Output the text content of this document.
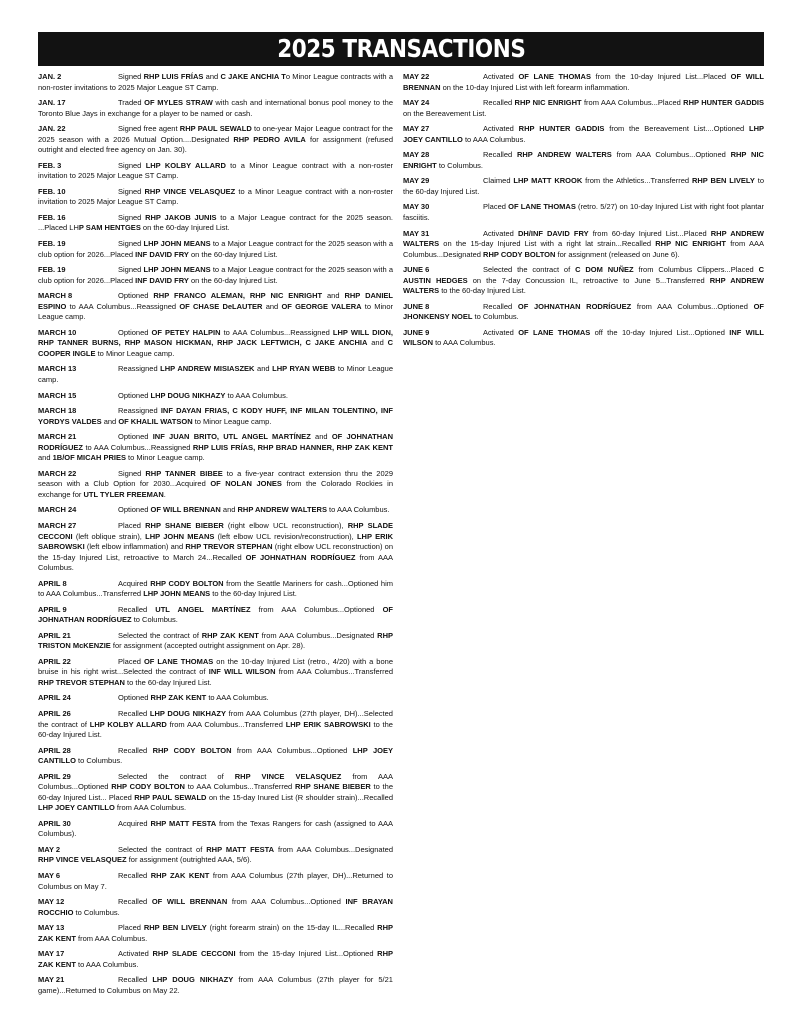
2025 TRANSACTIONS

JAN. 2	Signed RHP LUIS FRÍAS and C JAKE ANCHIA To Minor League contracts with a non-roster invitations to 2025 Major League ST Camp.

JAN. 17	Traded OF MYLES STRAW with cash and international bonus pool money to the Toronto Blue Jays in exchange for a player to be named or cash.

JAN. 22	Signed free agent RHP PAUL SEWALD to one-year Major League contract for the 2025 season with a 2026 Mutual Option....Designated RHP PEDRO AVILA for assignment (refused outright and elected free agency on Jan. 30).

FEB. 3	Signed LHP KOLBY ALLARD to a Minor League contract with a non-roster invitation to 2025 Major League ST Camp.

FEB. 10	Signed RHP VINCE VELASQUEZ to a Minor League contract with a non-roster invitation to 2025 Major League ST Camp.

FEB. 16	Signed RHP JAKOB JUNIS to a Major League contract for the 2025 season. ...Placed LHP SAM HENTGES on the 60-day Injured List.

FEB. 19	Signed LHP JOHN MEANS to a Major League contract for the 2025 season with a club option for 2026...Placed INF DAVID FRY on the 60-day Injured List.

FEB. 19	Signed LHP JOHN MEANS to a Major League contract for the 2025 season with a club option for 2026...Placed INF DAVID FRY on the 60-day Injured List.

MARCH 8	Optioned RHP FRANCO ALEMAN, RHP NIC ENRIGHT and RHP DANIEL ESPINO to AAA Columbus...Reassigned OF CHASE DeLAUTER and OF GEORGE VALERA to Minor League camp.

MARCH 10	Optioned OF PETEY HALPIN to AAA Columbus...Reassigned LHP WILL DION, RHP TANNER BURNS, RHP MASON HICKMAN, RHP JACK LEFTWICH, C JAKE ANCHIA and C COOPER INGLE to Minor League camp.

MARCH 13	Reassigned LHP ANDREW MISIASZEK and LHP RYAN WEBB to Minor League camp.

MARCH 15	Optioned LHP DOUG NIKHAZY to AAA Columbus.

MARCH 18	Reassigned INF DAYAN FRIAS, C KODY HUFF, INF MILAN TOLENTINO, INF YORDYS VALDES and OF KHALIL WATSON to Minor League camp.

MARCH 21	Optioned INF JUAN BRITO, UTL ANGEL MARTÍNEZ and OF JOHNATHAN RODRÍGUEZ to AAA Columbus...Reassigned RHP LUIS FRÍAS, RHP BRAD HANNER, RHP ZAK KENT and 1B/OF MICAH PRIES to Minor League camp.

MARCH 22	Signed RHP TANNER BIBEE to a five-year contract extension thru the 2029 season with a Club Option for 2030...Acquired OF NOLAN JONES from the Colorado Rockies in exchange for UTL TYLER FREEMAN.

MARCH 24	Optioned OF WILL BRENNAN and RHP ANDREW WALTERS to AAA Columbus.

MARCH 27	Placed RHP SHANE BIEBER (right elbow UCL reconstruction), RHP SLADE CECCONI (left oblique strain), LHP JOHN MEANS (left elbow UCL revision/reconstruction), LHP ERIK SABROWSKI (left elbow inflammation) and RHP TREVOR STEPHAN (right elbow UCL reconstruction) on the 15-day Injured List, retroactive to March 24...Recalled OF JOHNATHAN RODRÍGUEZ from AAA Columbus.

APRIL 8	Acquired RHP CODY BOLTON from the Seattle Mariners for cash...Optioned him to AAA Columbus...Transferred LHP JOHN MEANS to the 60-day Injured List.

APRIL 9	Recalled UTL ANGEL MARTÍNEZ from AAA Columbus...Optioned OF JOHNATHAN RODRÍGUEZ to Columbus.

APRIL 21	Selected the contract of RHP ZAK KENT from AAA Columbus...Designated RHP TRISTON McKENZIE for assignment (accepted outright assignment on Apr. 28).

APRIL 22	Placed OF LANE THOMAS on the 10-day Injured List (retro., 4/20) with a bone bruise in his right wrist...Selected the contract of INF WILL WILSON from AAA Columbus...Transferred RHP TREVOR STEPHAN to the 60-day Injured List.

APRIL 24	Optioned RHP ZAK KENT to AAA Columbus.

APRIL 26	Recalled LHP DOUG NIKHAZY from AAA Columbus (27th player, DH)...Selected the contract of LHP KOLBY ALLARD from AAA Columbus...Transferred LHP ERIK SABROWSKI to the 60-day Injured List.

APRIL 28	Recalled RHP CODY BOLTON from AAA Columbus...Optioned LHP JOEY CANTILLO to Columbus.

APRIL 29	Selected the contract of RHP VINCE VELASQUEZ from AAA Columbus...Optioned RHP CODY BOLTON to AAA Columbus...Transferred RHP SHANE BIEBER to the 60-day Injured List... Placed RHP PAUL SEWALD on the 15-day Inured List (R shoulder strain)...Recalled LHP JOEY CANTILLO from AAA Columbus.

APRIL 30	Acquired RHP MATT FESTA from the Texas Rangers for cash (assigned to AAA Columbus).

MAY 2	Selected the contract of RHP MATT FESTA from AAA Columbus...Designated RHP VINCE VELASQUEZ for assignment (outrighted AAA, 5/6).

MAY 6	Recalled RHP ZAK KENT from AAA Columbus (27th player, DH)...Returned to Columbus on May 7.

MAY 12	Recalled OF WILL BRENNAN from AAA Columbus...Optioned INF BRAYAN ROCCHIO to Columbus.

MAY 13	Placed RHP BEN LIVELY (right forearm strain) on the 15-day IL...Recalled RHP ZAK KENT from AAA Columbus.

MAY 17	Activated RHP SLADE CECCONI from the 15-day Injured List...Optioned RHP ZAK KENT to AAA Columbus.

MAY 21	Recalled LHP DOUG NIKHAZY from AAA Columbus (27th player for 5/21 game)...Returned to Columbus on May 22.

MAY 22	Activated OF LANE THOMAS from the 10-day Injured List...Placed OF WILL BRENNAN on the 10-day Injured List with left forearm inflammation.

MAY 24	Recalled RHP NIC ENRIGHT from AAA Columbus...Placed RHP HUNTER GADDIS on the Bereavement List.

MAY 27	Activated RHP HUNTER GADDIS from the Bereavement List....Optioned LHP JOEY CANTILLO to AAA Columbus.

MAY 28	Recalled RHP ANDREW WALTERS from AAA Columbus...Optioned RHP NIC ENRIGHT to Columbus.

MAY 29	Claimed LHP MATT KROOK from the Athletics...Transferred RHP BEN LIVELY to the 60-day Injured List.

MAY 30	Placed OF LANE THOMAS (retro. 5/27) on 10-day Injured List with right foot plantar fasciitis.

MAY 31	Activated DH/INF DAVID FRY from 60-day Injured List...Placed RHP ANDREW WALTERS on the 15-day Injured List with a right lat strain...Recalled RHP NIC ENRIGHT from AAA Columbus...Designated RHP CODY BOLTON for assignment (released on June 6).

JUNE 6	Selected the contract of C DOM NUÑEZ from Columbus Clippers...Placed C AUSTIN HEDGES on the 7-day Concussion IL, retroactive to June 5...Transferred RHP ANDREW WALTERS to the 60-day Injured List.

JUNE 8	Recalled OF JOHNATHAN RODRÍGUEZ from AAA Columbus...Optioned OF JHONKENSY NOEL to Columbus.

JUNE 9	Activated OF LANE THOMAS off the 10-day Injured List...Optioned INF WILL WILSON to AAA Columbus.
